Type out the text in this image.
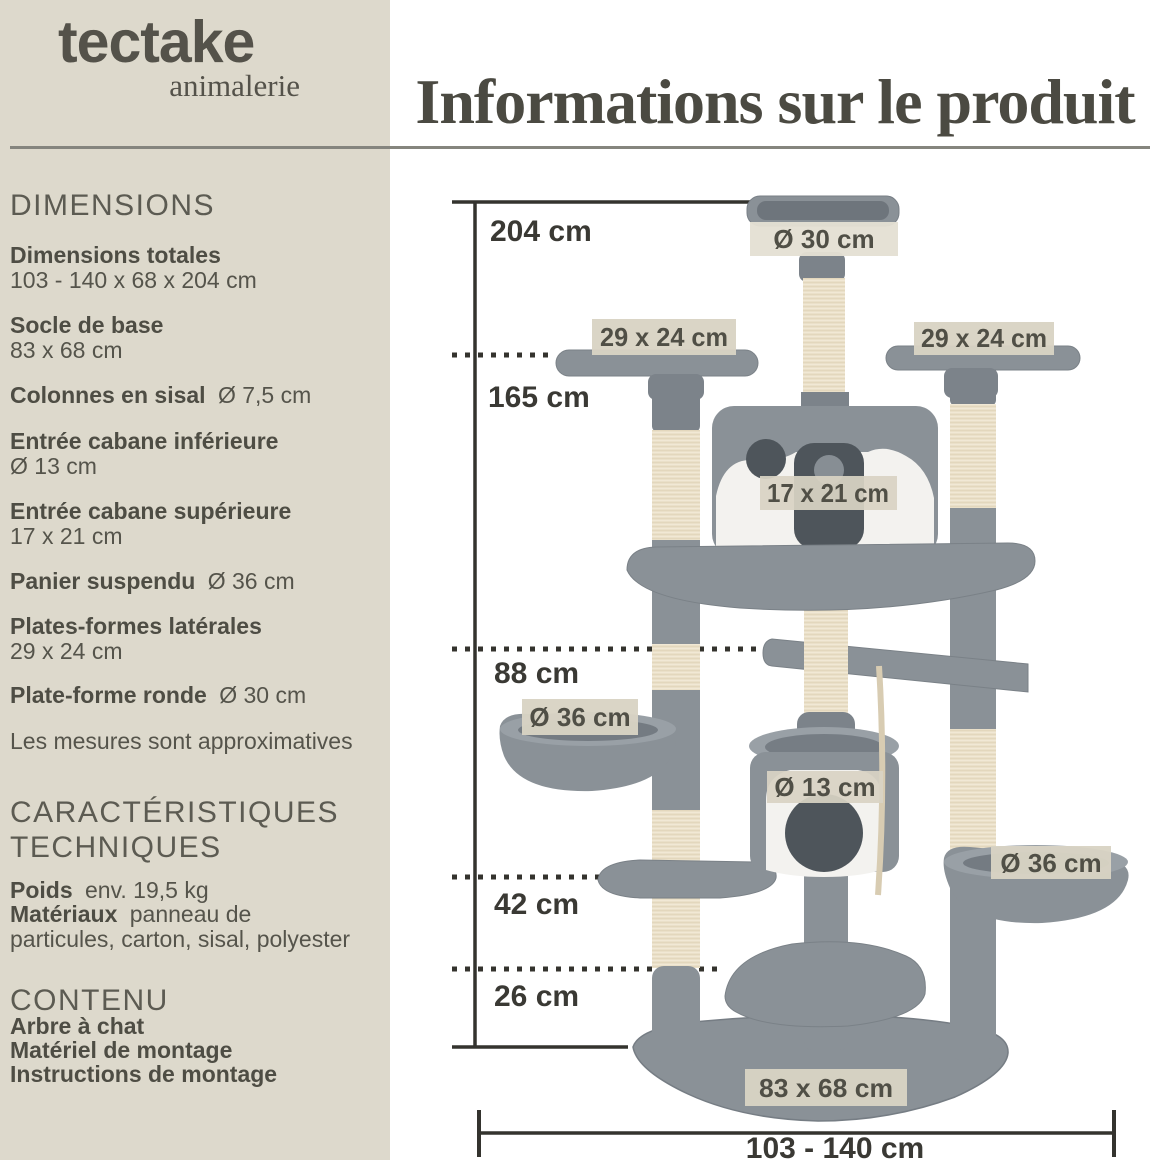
tectake
animalerie
DIMENSIONS

Dimensions totales
103 - 140 x 68 x 204 cm

Socle de base
83 x 68 cm

Colonnes en sisal Ø 7,5 cm

Entrée cabane inférieure
Ø 13 cm

Entrée cabane supérieure
17 x 21 cm

Panier suspendu Ø 36 cm

Plates-formes latérales
29 x 24 cm

Plate-forme ronde Ø 30 cm

Les mesures sont approximatives

CARACTÉRISTIQUES TECHNIQUES

Poids env. 19,5 kg

Matériaux panneau de particules, carton, sisal, polyester

CONTENU
Arbre à chat
Matériel de montage
Instructions de montage
Informations sur le produit
204 cm
165 cm
88 cm
42 cm
26 cm
103 - 140 cm
Ø 30 cm
29 x 24 cm	29 x 24 cm
17 x 21 cm
Ø 36 cm
Ø 13 cm
Ø 36 cm
83 x 68 cm
